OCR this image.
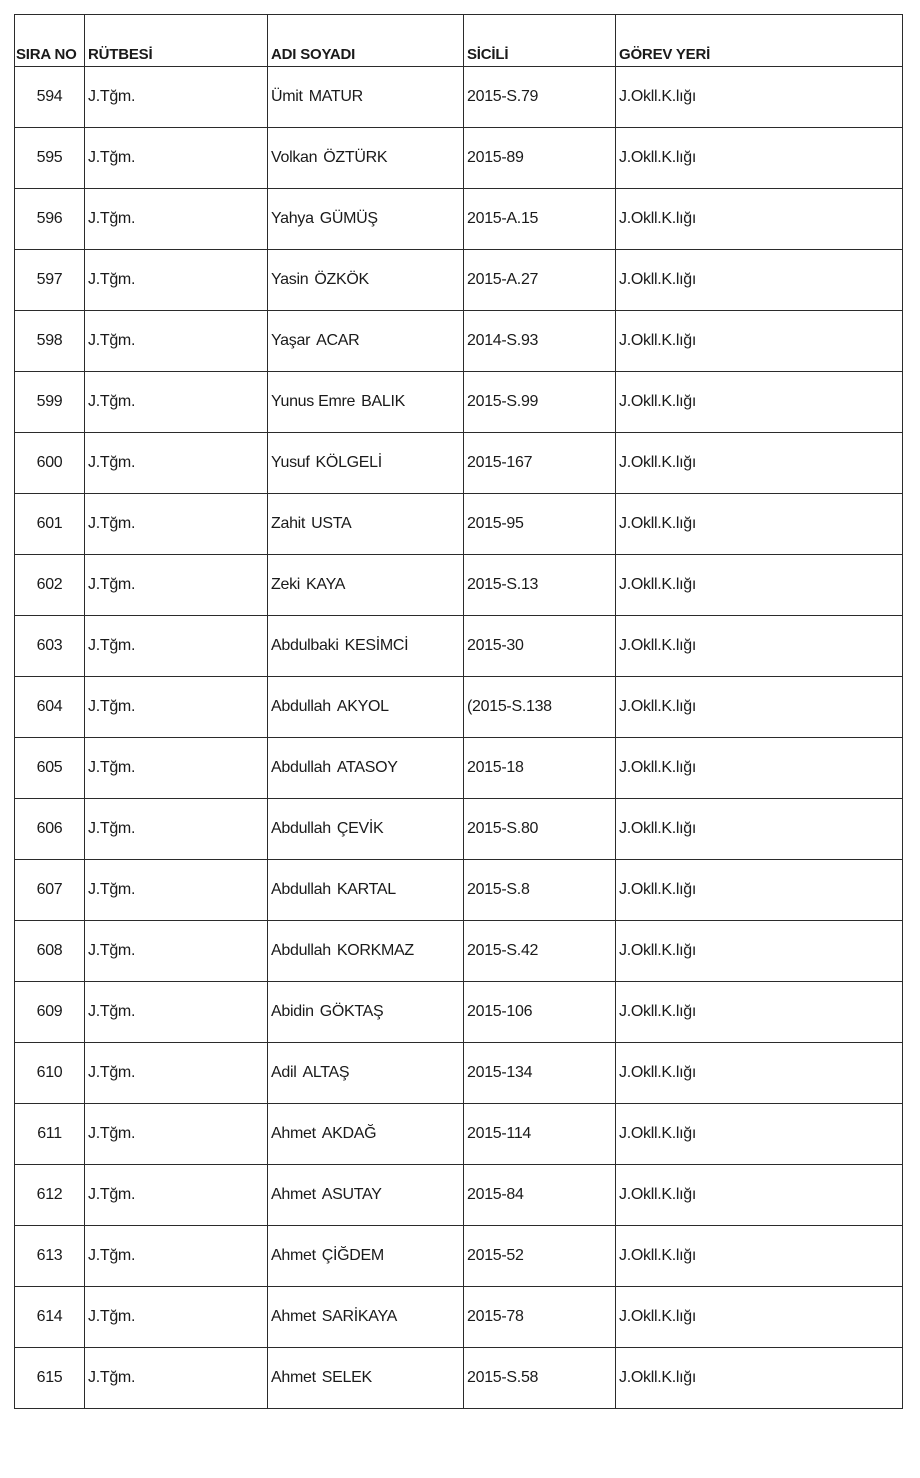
SIRA NO	RÜTBESİ	ADI SOYADI	SİCİLİ	GÖREV YERİ
594	J.Tğm.	Ümit MATUR	2015-S.79	J.Okll.K.lığı
595	J.Tğm.	Volkan ÖZTÜRK	2015-89	J.Okll.K.lığı
596	J.Tğm.	Yahya GÜMÜŞ	2015-A.15	J.Okll.K.lığı
597	J.Tğm.	Yasin ÖZKÖK	2015-A.27	J.Okll.K.lığı
598	J.Tğm.	Yaşar ACAR	2014-S.93	J.Okll.K.lığı
599	J.Tğm.	Yunus Emre BALIK	2015-S.99	J.Okll.K.lığı
600	J.Tğm.	Yusuf KÖLGELİ	2015-167	J.Okll.K.lığı
601	J.Tğm.	Zahit USTA	2015-95	J.Okll.K.lığı
602	J.Tğm.	Zeki KAYA	2015-S.13	J.Okll.K.lığı
603	J.Tğm.	Abdulbaki KESİMCİ	2015-30	J.Okll.K.lığı
604	J.Tğm.	Abdullah AKYOL	(2015-S.138	J.Okll.K.lığı
605	J.Tğm.	Abdullah ATASOY	2015-18	J.Okll.K.lığı
606	J.Tğm.	Abdullah ÇEVİK	2015-S.80	J.Okll.K.lığı
607	J.Tğm.	Abdullah KARTAL	2015-S.8	J.Okll.K.lığı
608	J.Tğm.	Abdullah KORKMAZ	2015-S.42	J.Okll.K.lığı
609	J.Tğm.	Abidin GÖKTAŞ	2015-106	J.Okll.K.lığı
610	J.Tğm.	Adil ALTAŞ	2015-134	J.Okll.K.lığı
611	J.Tğm.	Ahmet AKDAĞ	2015-114	J.Okll.K.lığı
612	J.Tğm.	Ahmet ASUTAY	2015-84	J.Okll.K.lığı
613	J.Tğm.	Ahmet ÇİĞDEM	2015-52	J.Okll.K.lığı
614	J.Tğm.	Ahmet SARİKAYA	2015-78	J.Okll.K.lığı
615	J.Tğm.	Ahmet SELEK	2015-S.58	J.Okll.K.lığı
